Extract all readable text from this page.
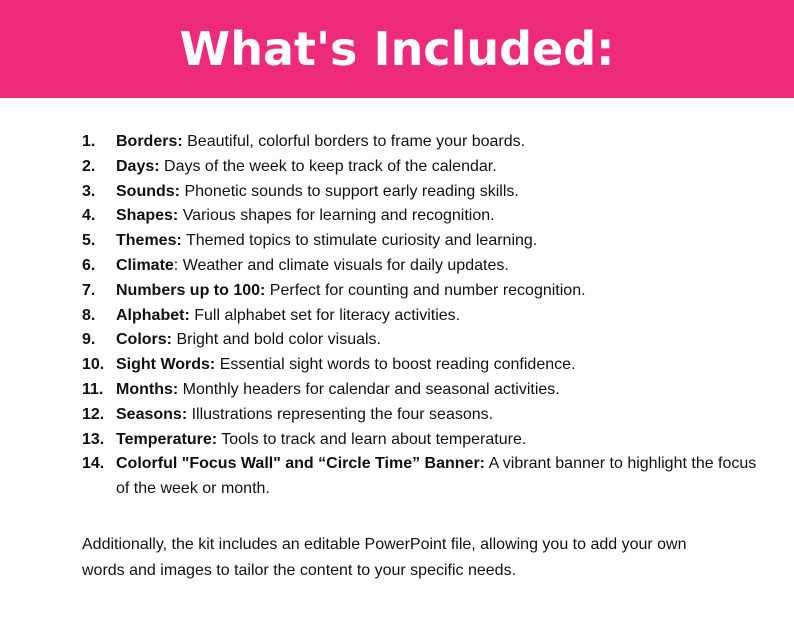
What's Included:
1. Borders: Beautiful, colorful borders to frame your boards.
2. Days: Days of the week to keep track of the calendar.
3. Sounds: Phonetic sounds to support early reading skills.
4. Shapes: Various shapes for learning and recognition.
5. Themes: Themed topics to stimulate curiosity and learning.
6. Climate: Weather and climate visuals for daily updates.
7. Numbers up to 100: Perfect for counting and number recognition.
8. Alphabet: Full alphabet set for literacy activities.
9. Colors: Bright and bold color visuals.
10. Sight Words: Essential sight words to boost reading confidence.
11. Months: Monthly headers for calendar and seasonal activities.
12. Seasons: Illustrations representing the four seasons.
13. Temperature: Tools to track and learn about temperature.
14. Colorful "Focus Wall" and “Circle Time” Banner: A vibrant banner to highlight the focus of the week or month.

Additionally, the kit includes an editable PowerPoint file, allowing you to add your own words and images to tailor the content to your specific needs.
